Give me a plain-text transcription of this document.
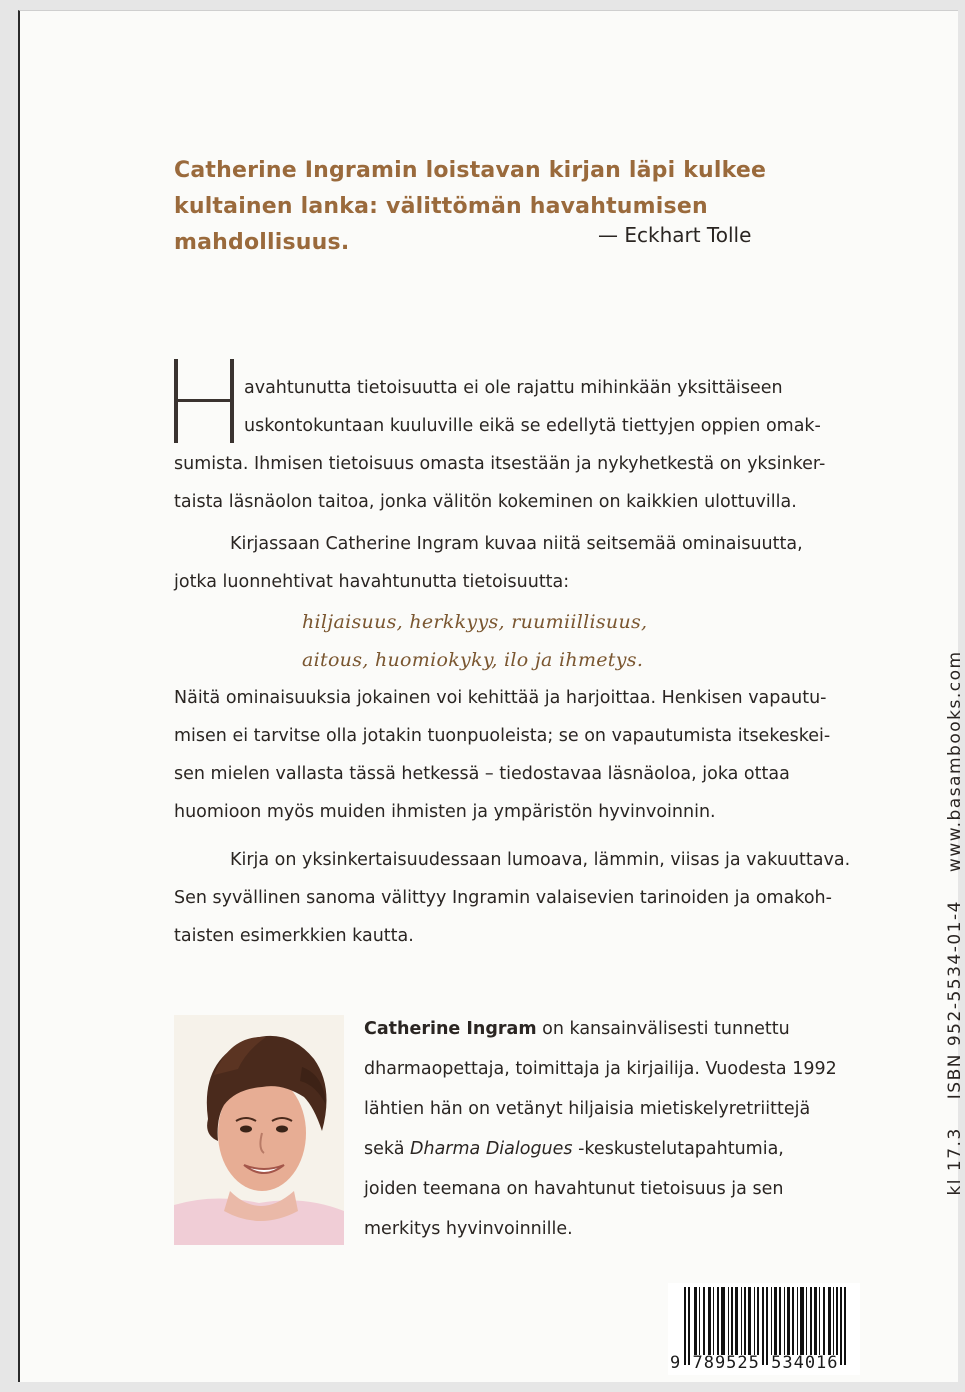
Catherine Ingramin loistavan kirjan läpi kulkee
kultainen lanka: välittömän havahtumisen mahdollisuus.	— Eckhart Tolle

avahtunutta tietoisuutta ei ole rajattu mihinkään yksittäiseen
uskontokuntaan kuuluville eikä se edellytä tiettyjen oppien omak-

sumista. Ihmisen tietoisuus omasta itsestään ja nykyhetkestä on yksinker-
taista läsnäolon taitoa, jonka välitön kokeminen on kaikkien ulottuvilla.

Kirjassaan Catherine Ingram kuvaa niitä seitsemää ominaisuutta,
jotka luonnehtivat havahtunutta tietoisuutta:

hiljaisuus, herkkyys, ruumiillisuus,
aitous, huomiokyky, ilo ja ihmetys.

Näitä ominaisuuksia jokainen voi kehittää ja harjoittaa. Henkisen vapautu-
misen ei tarvitse olla jotakin tuonpuoleista; se on vapautumista itsekeskei-
sen mielen vallasta tässä hetkessä – tiedostavaa läsnäoloa, joka ottaa
huomioon myös muiden ihmisten ja ympäristön hyvinvoinnin.

Kirja on yksinkertaisuudessaan lumoava, lämmin, viisas ja vakuuttava.
Sen syvällinen sanoma välittyy Ingramin valaisevien tarinoiden ja omakoh-
taisten esimerkkien kautta.

Catherine Ingram on kansainvälisesti tunnettu
dharmaopettaja, toimittaja ja kirjailija. Vuodesta 1992
lähtien hän on vetänyt hiljaisia mietiskelyretriittejä
sekä Dharma Dialogues -keskustelutapahtumia,
joiden teemana on havahtunut tietoisuus ja sen
merkitys hyvinvoinnille.

kl 17.3ISBN 952-5534-01-4www.basambooks.com
9 789525 534016
